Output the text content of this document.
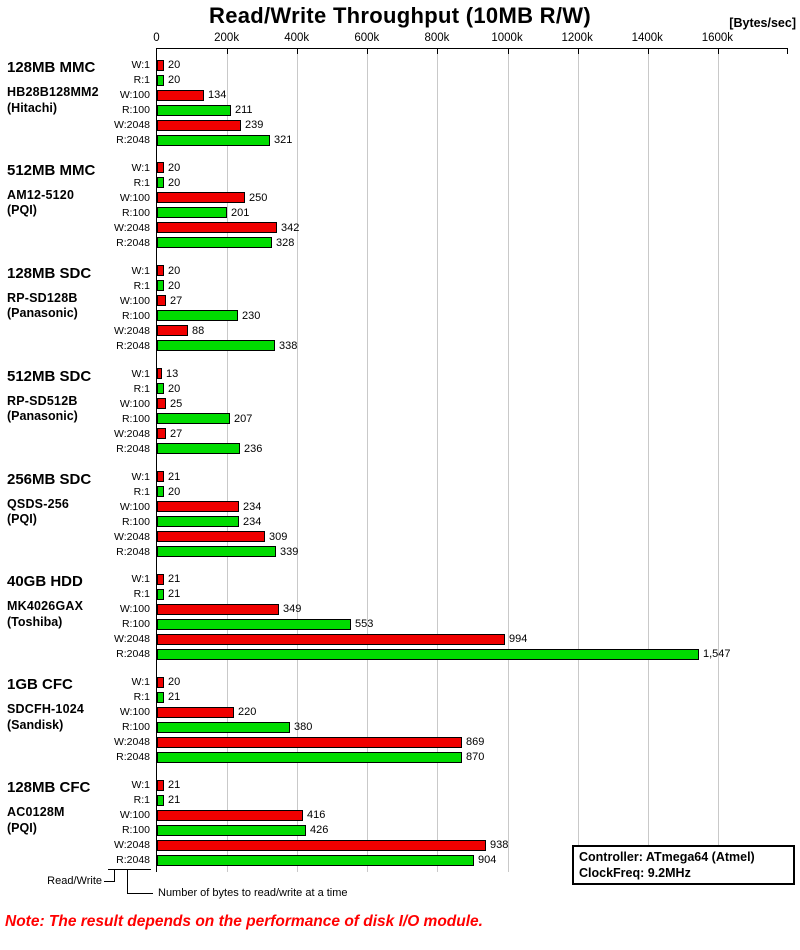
Read/Write Throughput (10MB R/W)	[Bytes/sec]
0	200k	400k	600k	800k	1000k	1200k	1400k	1600k
128MB MMC
HB28B128MM2
(Hitachi)
W:1	20
R:1	20
W:100	134
R:100	211
W:2048	239
R:2048	321
512MB MMC
AM12-5120
(PQI)
W:1	20
R:1	20
W:100	250
R:100	201
W:2048	342
R:2048	328
128MB SDC
RP-SD128B
(Panasonic)
W:1	20
R:1	20
W:100	27
R:100	230
W:2048	88
R:2048	338
512MB SDC
RP-SD512B
(Panasonic)
W:1	13
R:1	20
W:100	25
R:100	207
W:2048	27
R:2048	236
256MB SDC
QSDS-256
(PQI)
W:1	21
R:1	20
W:100	234
R:100	234
W:2048	309
R:2048	339
40GB HDD
MK4026GAX
(Toshiba)
W:1	21
R:1	21
W:100	349
R:100	553
W:2048	994
R:2048	1,547
1GB CFC
SDCFH-1024
(Sandisk)
W:1	20
R:1	21
W:100	220
R:100	380
W:2048	869
R:2048	870
128MB CFC
AC0128M
(PQI)
W:1	21
R:1	21
W:100	416
R:100	426
W:2048	938
R:2048	904
Read/Write
Number of bytes to read/write at a time
Controller: ATmega64 (Atmel)
ClockFreq: 9.2MHz
Note: The result depends on the performance of disk I/O module.
